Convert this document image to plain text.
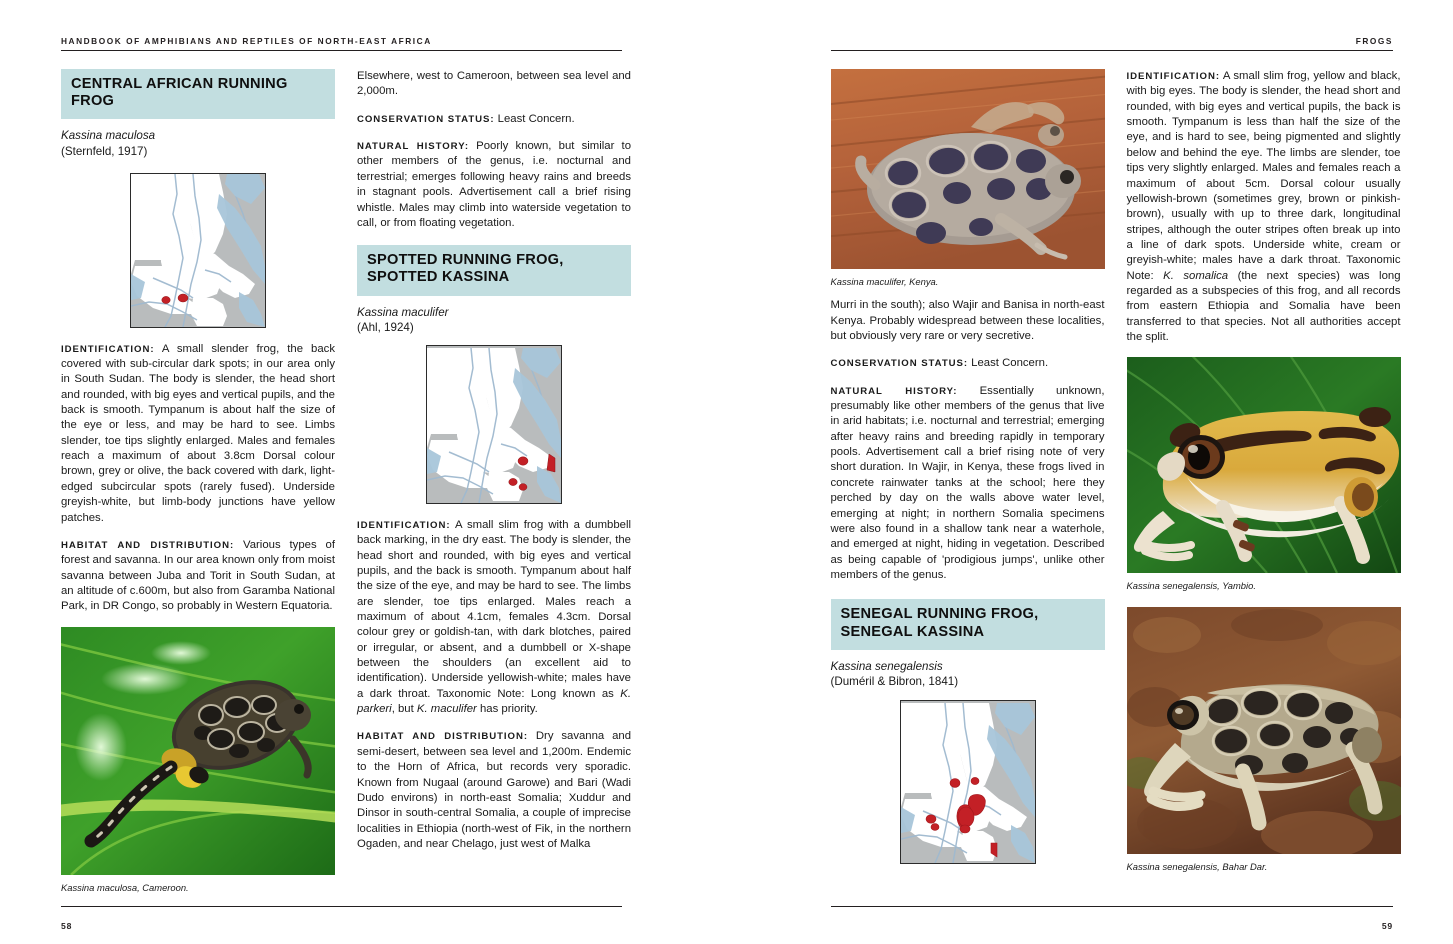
HANDBOOK OF AMPHIBIANS AND REPTILES OF NORTH-EAST AFRICA
CENTRAL AFRICAN RUNNING FROG
Kassina maculosa
(Sternfeld, 1917)

IDENTIFICATION: A small slender frog, the back covered with sub-circular dark spots; in our area only in South Sudan. The body is slender, the head short and rounded, with big eyes and vertical pupils, and the back is smooth. Tympanum is about half the size of the eye or less, and may be hard to see. Limbs slender, toe tips slightly enlarged. Males and females reach a maximum of about 3.8cm Dorsal colour brown, grey or olive, the back covered with dark, light-edged subcircular spots (rarely fused). Underside greyish-white, but limb-body junctions have yellow patches.

HABITAT AND DISTRIBUTION: Various types of forest and savanna. In our area known only from moist savanna between Juba and Torit in South Sudan, at an altitude of c.600m, but also from Garamba National Park, in DR Congo, so probably in Western Equatoria.

Kassina maculosa, Cameroon.

Elsewhere, west to Cameroon, between sea level and 2,000m.

CONSERVATION STATUS: Least Concern.

NATURAL HISTORY: Poorly known, but similar to other members of the genus, i.e. nocturnal and terrestrial; emerges following heavy rains and breeds in stagnant pools. Advertisement call a brief rising whistle. Males may climb into waterside vegetation to call, or from floating vegetation.

SPOTTED RUNNING FROG, SPOTTED KASSINA
Kassina maculifer
(Ahl, 1924)

IDENTIFICATION: A small slim frog with a dumbbell back marking, in the dry east. The body is slender, the head short and rounded, with big eyes and vertical pupils, and the back is smooth. Tympanum about half the size of the eye, and may be hard to see. The limbs are slender, toe tips enlarged. Males reach a maximum of about 4.1cm, females 4.3cm. Dorsal colour grey or goldish-tan, with dark blotches, paired or irregular, or absent, and a dumbbell or X-shape between the shoulders (an excellent aid to identification). Underside yellowish-white; males have a dark throat. Taxonomic Note: Long known as K. parkeri, but K. maculifer has priority.

HABITAT AND DISTRIBUTION: Dry savanna and semi-desert, between sea level and 1,200m. Endemic to the Horn of Africa, but records very sporadic. Known from Nugaal (around Garowe) and Bari (Wadi Dudo environs) in north-east Somalia; Xuddur and Dinsor in south-central Somalia, a couple of imprecise localities in Ethiopia (north-west of Fik, in the northern Ogaden, and near Chelago, just west of Malka

58
FROGS
Kassina maculifer, Kenya.

Murri in the south); also Wajir and Banisa in north-east Kenya. Probably widespread between these localities, but obviously very rare or very secretive.

CONSERVATION STATUS: Least Concern.

NATURAL HISTORY: Essentially unknown, presumably like other members of the genus that live in arid habitats; i.e. nocturnal and terrestrial; emerging after heavy rains and breeding rapidly in temporary pools. Advertisement call a brief rising note of very short duration. In Wajir, in Kenya, these frogs lived in concrete rainwater tanks at the school; here they perched by day on the walls above water level, emerging at night; in northern Somalia specimens were also found in a shallow tank near a waterhole, and emerged at night, hiding in vegetation. Described as being capable of 'prodigious jumps', unlike other members of the genus.

SENEGAL RUNNING FROG, SENEGAL KASSINA
Kassina senegalensis
(Duméril & Bibron, 1841)

IDENTIFICATION: A small slim frog, yellow and black, with big eyes. The body is slender, the head short and rounded, with big eyes and vertical pupils, the back is smooth. Tympanum is less than half the size of the eye, and is hard to see, being pigmented and slightly below and behind the eye. The limbs are slender, toe tips very slightly enlarged. Males and females reach a maximum of about 5cm. Dorsal colour usually yellowish-brown (sometimes grey, brown or pinkish-brown), usually with up to three dark, longitudinal stripes, although the outer stripes often break up into a line of dark spots. Underside white, cream or greyish-white; males have a dark throat. Taxonomic Note: K. somalica (the next species) was long regarded as a subspecies of this frog, and all records from eastern Ethiopia and Somalia have been transferred to that species. Not all authorities accept the split.

Kassina senegalensis, Yambio.
Kassina senegalensis, Bahar Dar.
59
